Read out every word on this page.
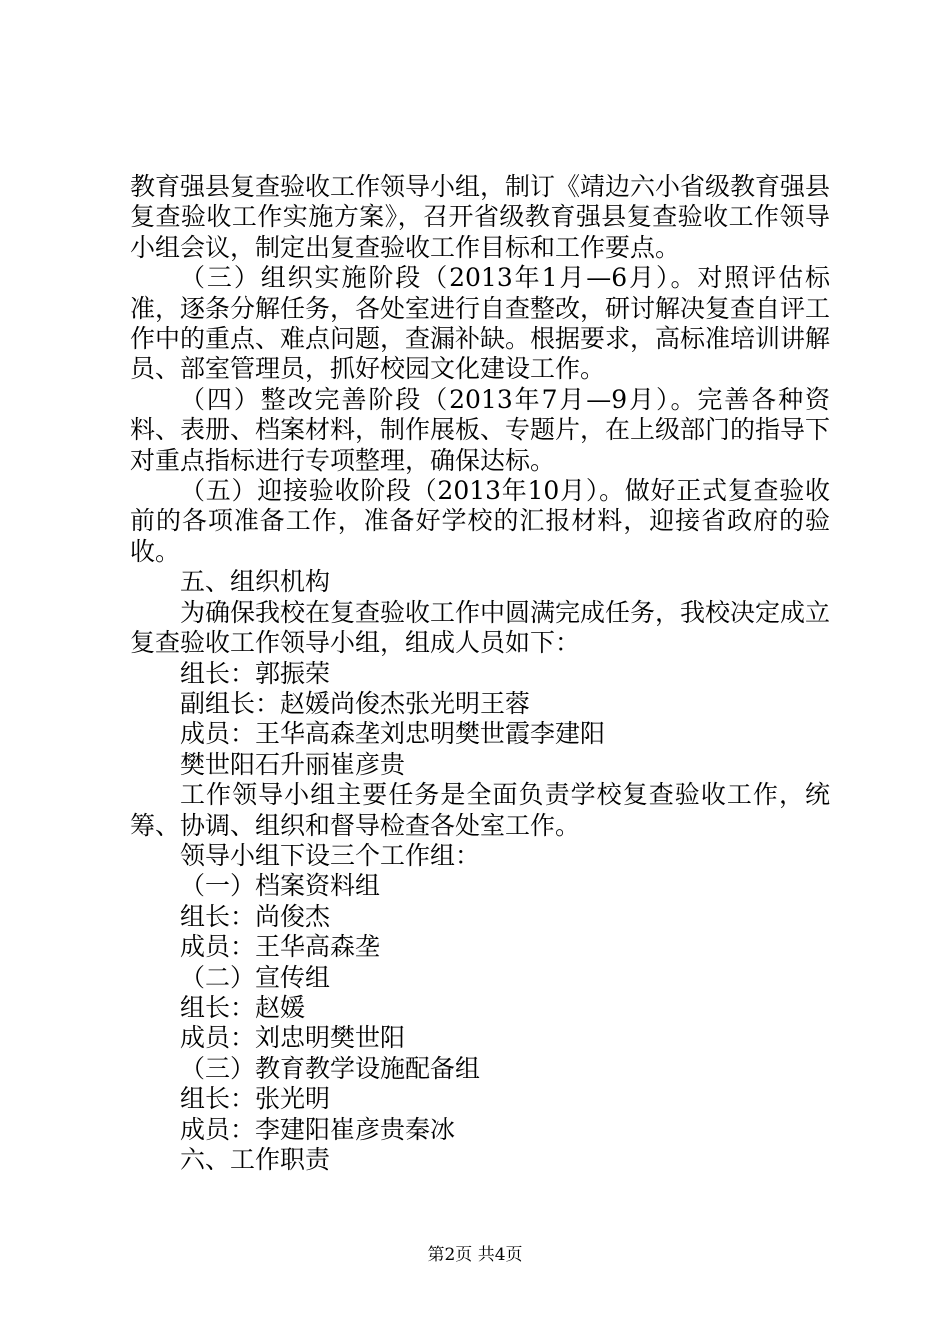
教育强县复查验收工作领导小组，制订《靖边六小省级教育强县复查验收工作实施方案》，召开省级教育强县复查验收工作领导小组会议，制定出复查验收工作目标和工作要点。

（三）组织实施阶段（2013年1月—6月）。对照评估标准，逐条分解任务，各处室进行自查整改，研讨解决复查自评工作中的重点、难点问题，查漏补缺。根据要求，高标准培训讲解员、部室管理员，抓好校园文化建设工作。

（四）整改完善阶段（2013年7月—9月）。完善各种资料、表册、档案材料，制作展板、专题片，在上级部门的指导下对重点指标进行专项整理，确保达标。

（五）迎接验收阶段（2013年10月）。做好正式复查验收前的各项准备工作，准备好学校的汇报材料，迎接省政府的验收。

五、组织机构

为确保我校在复查验收工作中圆满完成任务，我校决定成立复查验收工作领导小组，组成人员如下：

组长：郭振荣

副组长：赵媛尚俊杰张光明王蓉

成员：王华高森垄刘忠明樊世霞李建阳

樊世阳石升丽崔彦贵

工作领导小组主要任务是全面负责学校复查验收工作，统筹、协调、组织和督导检查各处室工作。

领导小组下设三个工作组：

（一）档案资料组

组长：尚俊杰

成员：王华高森垄

（二）宣传组

组长：赵媛

成员：刘忠明樊世阳

（三）教育教学设施配备组

组长：张光明

成员：李建阳崔彦贵秦冰

六、工作职责

第2页 共4页
